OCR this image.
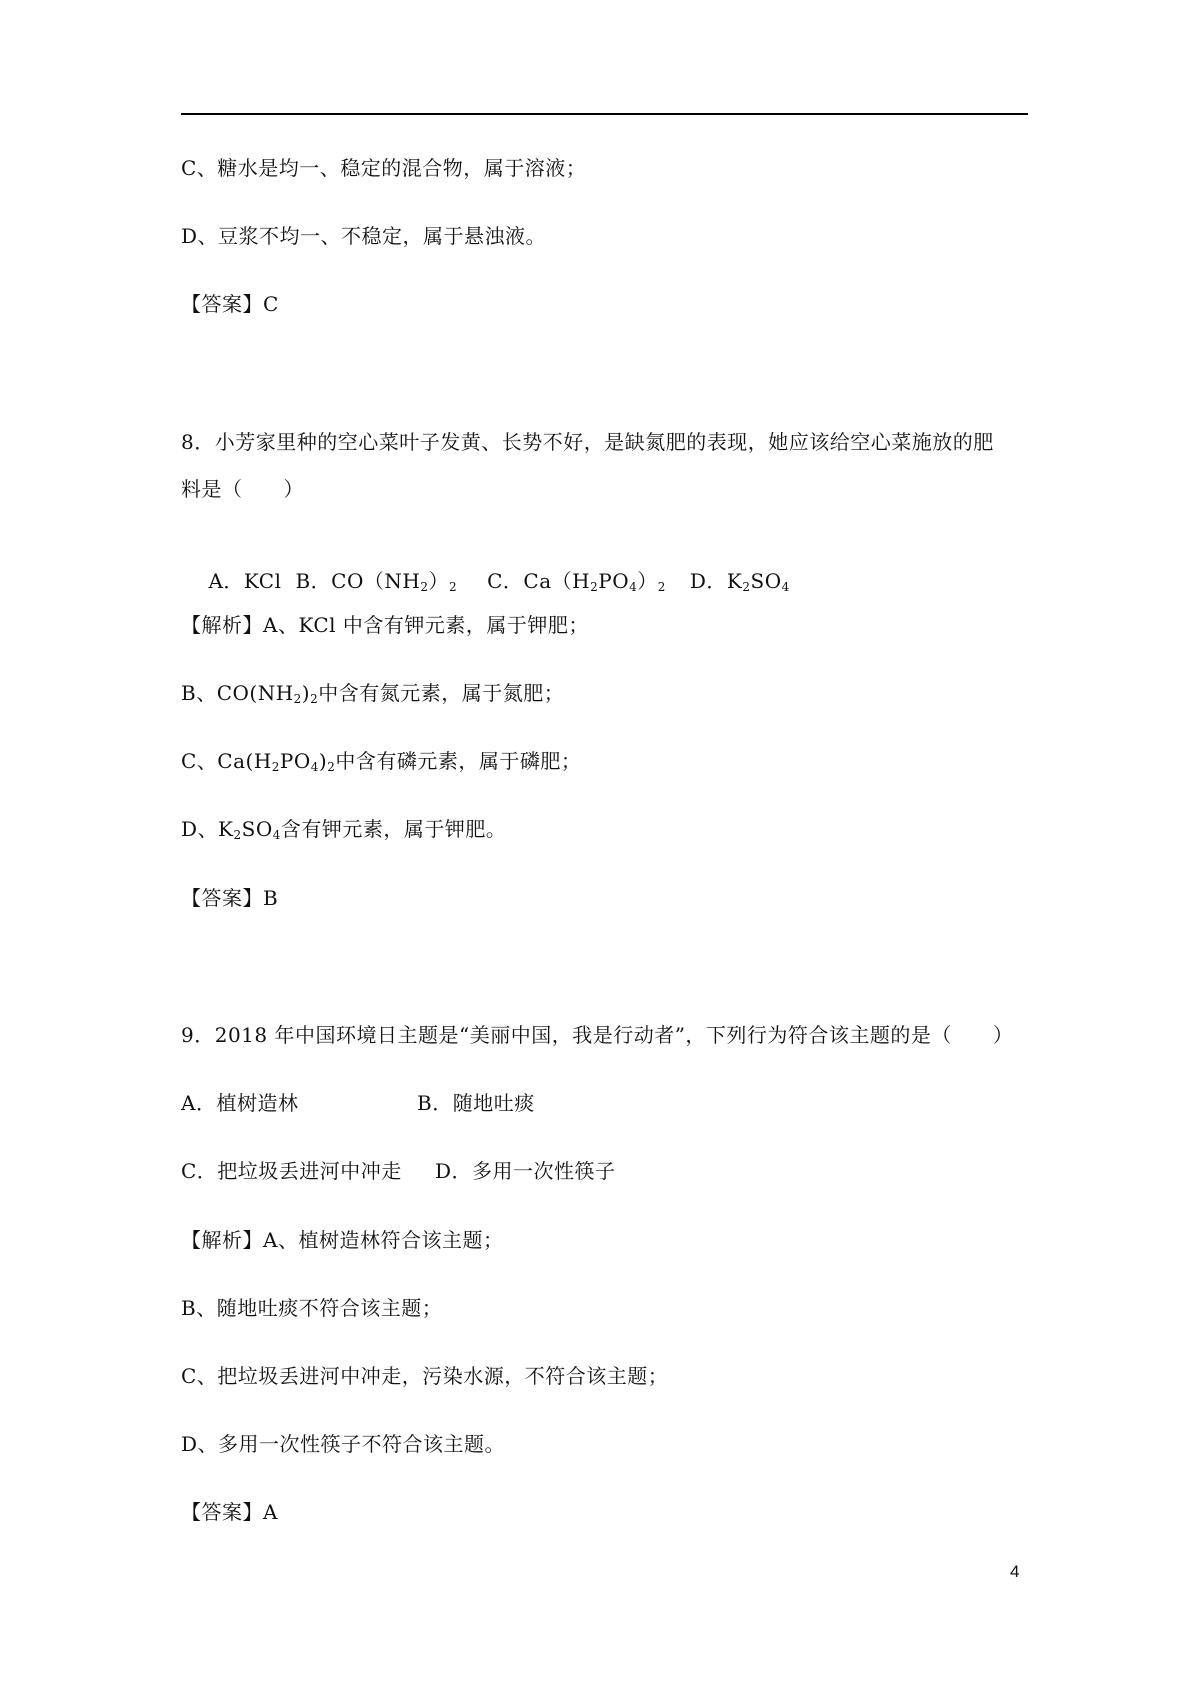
C、糖水是均一、稳定的混合物，属于溶液；
D、豆浆不均一、不稳定，属于悬浊液。
【答案】C
8．小芳家里种的空心菜叶子发黄、长势不好，是缺氮肥的表现，她应该给空心菜施放的肥
料是（　　）

A．KCl B．$CO(NH_2)_2$ C．$Ca(H_2PO_4)_2$ D．$K_2SO_4$

【解析】A、KCl 中含有钾元素，属于钾肥；
B、$CO(NH_2)_2$中含有氮元素，属于氮肥；
C、$Ca(H_2PO_4)_2$中含有磷元素，属于磷肥；
D、$K_2SO_4$含有钾元素，属于钾肥。
【答案】B
9．2018 年中国环境日主题是“美丽中国，我是行动者”，下列行为符合该主题的是（　　）
A．植树造林	B．随地吐痰
C．把垃圾丢进河中冲走 D．多用一次性筷子
【解析】A、植树造林符合该主题；
B、随地吐痰不符合该主题；
C、把垃圾丢进河中冲走，污染水源，不符合该主题；
D、多用一次性筷子不符合该主题。
【答案】A
4
